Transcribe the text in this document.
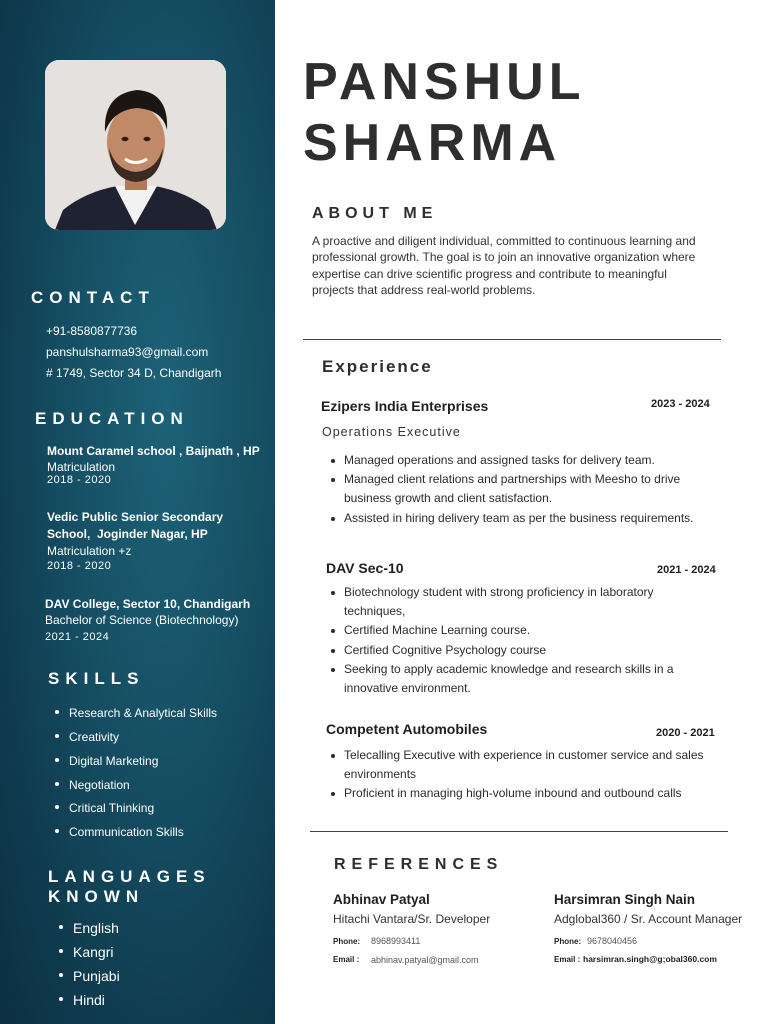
CONTACT
+91-8580877736
panshulsharma93@gmail.com
# 1749, Sector 34 D, Chandigarh
EDUCATION
Mount Caramel school , Baijnath , HP
Matriculation
2018 - 2020
Vedic Public Senior Secondary
School,  Joginder Nagar, HP
Matriculation +z
2018 - 2020
DAV College, Sector 10, Chandigarh
Bachelor of Science (Biotechnology)
2021 - 2024
SKILLS
Research & Analytical Skills
Creativity
Digital Marketing
Negotiation
Critical Thinking
Communication Skills
LANGUAGES
KNOWN
English
Kangri
Punjabi
Hindi
PANSHUL
SHARMA
ABOUT ME
A proactive and diligent individual, committed to continuous learning and professional growth. The goal is to join an innovative organization where expertise can drive scientific progress and contribute to meaningful projects that address real-world problems.
Experience
Ezipers India Enterprises	2023 - 2024
Operations Executive
Managed operations and assigned tasks for delivery team.
Managed client relations and partnerships with Meesho to drive business growth and client satisfaction.
Assisted in hiring delivery team as per the business requirements.
DAV Sec-10	2021 - 2024
Biotechnology student with strong proficiency in laboratory techniques,
Certified Machine Learning course.
Certified Cognitive Psychology course
Seeking to apply academic knowledge and research skills in a innovative environment.
Competent Automobiles	2020 - 2021
Telecalling Executive with experience in customer service and sales environments
Proficient in managing high-volume inbound and outbound calls
REFERENCES
Abhinav Patyal
Hitachi Vantara/Sr. Developer
Phone: 8968993411
Email : abhinav.patyal@gmail.com
Harsimran Singh Nain
Adglobal360 / Sr. Account Manager
Phone: 9678040456
Email : harsimran.singh@g;obal360.com
